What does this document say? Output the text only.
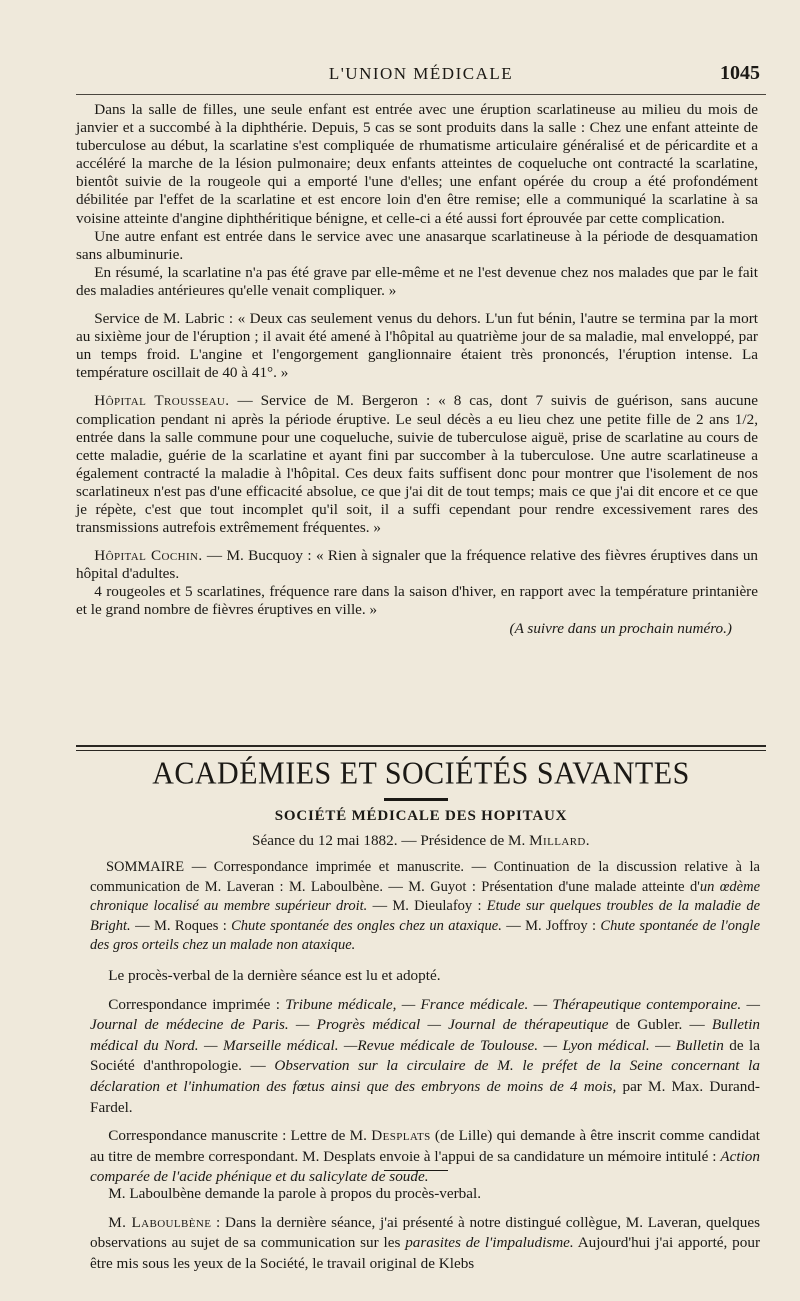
L'UNION MÉDICALE	1045

Dans la salle de filles, une seule enfant est entrée avec une éruption scarlatineuse au milieu du mois de janvier et a succombé à la diphthérie. Depuis, 5 cas se sont produits dans la salle : Chez une enfant atteinte de tuberculose au début, la scarlatine s'est compliquée de rhumatisme articulaire généralisé et de péricardite et a accéléré la marche de la lésion pulmonaire; deux enfants atteintes de coqueluche ont contracté la scarlatine, bientôt suivie de la rougeole qui a emporté l'une d'elles; une enfant opérée du croup a été profondément débilitée par l'effet de la scarlatine et est encore loin d'en être remise; elle a communiqué la scarlatine à sa voisine atteinte d'angine diphthéritique bénigne, et celle-ci a été aussi fort éprouvée par cette complication.

Une autre enfant est entrée dans le service avec une anasarque scarlatineuse à la période de desquamation sans albuminurie.

En résumé, la scarlatine n'a pas été grave par elle-même et ne l'est devenue chez nos malades que par le fait des maladies antérieures qu'elle venait compliquer. »

Service de M. Labric : « Deux cas seulement venus du dehors. L'un fut bénin, l'autre se termina par la mort au sixième jour de l'éruption ; il avait été amené à l'hôpital au quatrième jour de sa maladie, mal enveloppé, par un temps froid. L'angine et l'engorgement ganglionnaire étaient très prononcés, l'éruption intense. La température oscillait de 40 à 41°. »

Hôpital Trousseau. — Service de M. Bergeron : « 8 cas, dont 7 suivis de guérison, sans aucune complication pendant ni après la période éruptive. Le seul décès a eu lieu chez une petite fille de 2 ans 1/2, entrée dans la salle commune pour une coqueluche, suivie de tuberculose aiguë, prise de scarlatine au cours de cette maladie, guérie de la scarlatine et ayant fini par succomber à la tuberculose. Une autre scarlatineuse a également contracté la maladie à l'hôpital. Ces deux faits suffisent donc pour montrer que l'isolement de nos scarlatineux n'est pas d'une efficacité absolue, ce que j'ai dit de tout temps; mais ce que j'ai dit encore et ce que je répète, c'est que tout incomplet qu'il soit, il a suffi cependant pour rendre excessivement rares des transmissions autrefois extrêmement fréquentes. »

Hôpital Cochin. — M. Bucquoy : « Rien à signaler que la fréquence relative des fièvres éruptives dans un hôpital d'adultes.

4 rougeoles et 5 scarlatines, fréquence rare dans la saison d'hiver, en rapport avec la température printanière et le grand nombre de fièvres éruptives en ville. »

(A suivre dans un prochain numéro.)

ACADÉMIES ET SOCIÉTÉS SAVANTES
SOCIÉTÉ MÉDICALE DES HOPITAUX
Séance du 12 mai 1882. — Présidence de M. Millard.

SOMMAIRE — Correspondance imprimée et manuscrite. — Continuation de la discussion relative à la communication de M. Laveran : M. Laboulbène. — M. Guyot : Présentation d'une malade atteinte d'un œdème chronique localisé au membre supérieur droit. — M. Dieulafoy : Etude sur quelques troubles de la maladie de Bright. — M. Roques : Chute spontanée des ongles chez un ataxique. — M. Joffroy : Chute spontanée de l'ongle des gros orteils chez un malade non ataxique.

Le procès-verbal de la dernière séance est lu et adopté.

Correspondance imprimée : Tribune médicale, — France médicale. — Thérapeutique contemporaine. — Journal de médecine de Paris. — Progrès médical — Journal de thérapeutique de Gubler. — Bulletin médical du Nord. — Marseille médical. —Revue médicale de Toulouse. — Lyon médical. — Bulletin de la Société d'anthropologie. — Observation sur la circulaire de M. le préfet de la Seine concernant la déclaration et l'inhumation des fœtus ainsi que des embryons de moins de 4 mois, par M. Max. Durand-Fardel.

Correspondance manuscrite : Lettre de M. Desplats (de Lille) qui demande à être inscrit comme candidat au titre de membre correspondant. M. Desplats envoie à l'appui de sa candidature un mémoire intitulé : Action comparée de l'acide phénique et du salicylate de soude.

M. Laboulbène demande la parole à propos du procès-verbal.

M. Laboulbène : Dans la dernière séance, j'ai présenté à notre distingué collègue, M. Laveran, quelques observations au sujet de sa communication sur les parasites de l'impaludisme. Aujourd'hui j'ai apporté, pour être mis sous les yeux de la Société, le travail original de Klebs
